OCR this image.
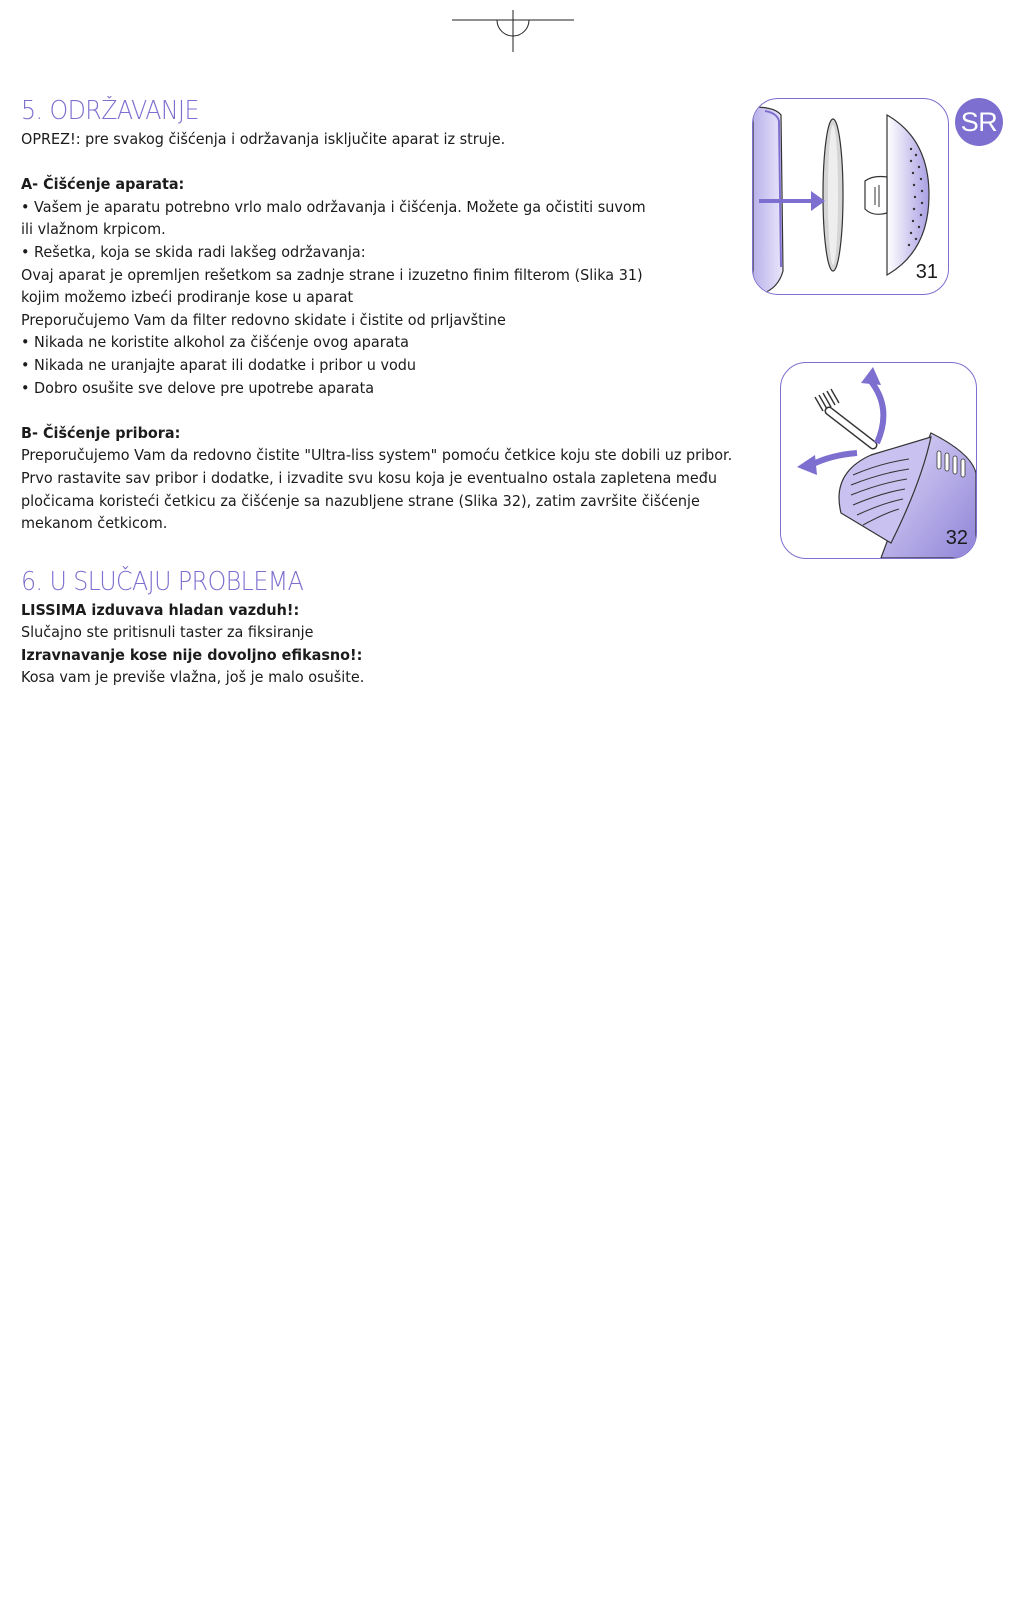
SR
5. ODRŽAVANJE

OPREZ!: pre svakog čišćenja i održavanja isključite aparat iz struje.

A- Čišćenje aparata:

• Vašem je aparatu potrebno vrlo malo održavanja i čišćenja. Možete ga očistiti suvom

ili vlažnom krpicom.

• Rešetka, koja se skida radi lakšeg održavanja:

Ovaj aparat je opremljen rešetkom sa zadnje strane i izuzetno finim filterom (Slika 31)

kojim možemo izbeći prodiranje kose u aparat

Preporučujemo Vam da filter redovno skidate i čistite od prljavštine

• Nikada ne koristite alkohol za čišćenje ovog aparata

• Nikada ne uranjajte aparat ili dodatke i pribor u vodu

• Dobro osušite sve delove pre upotrebe aparata

B- Čišćenje pribora:

Preporučujemo Vam da redovno čistite "Ultra-liss system" pomoću četkice koju ste dobili uz pribor.

Prvo rastavite sav pribor i dodatke, i izvadite svu kosu koja je eventualno ostala zapletena među

pločicama koristeći četkicu za čišćenje sa nazubljene strane (Slika 32), zatim završite čišćenje

mekanom četkicom.

6. U SLUČAJU PROBLEMA

LISSIMA izduvava hladan vazduh!:

Slučajno ste pritisnuli taster za fiksiranje

Izravnavanje kose nije dovoljno efikasno!:

Kosa vam je previše vlažna, još je malo osušite.

31
32
